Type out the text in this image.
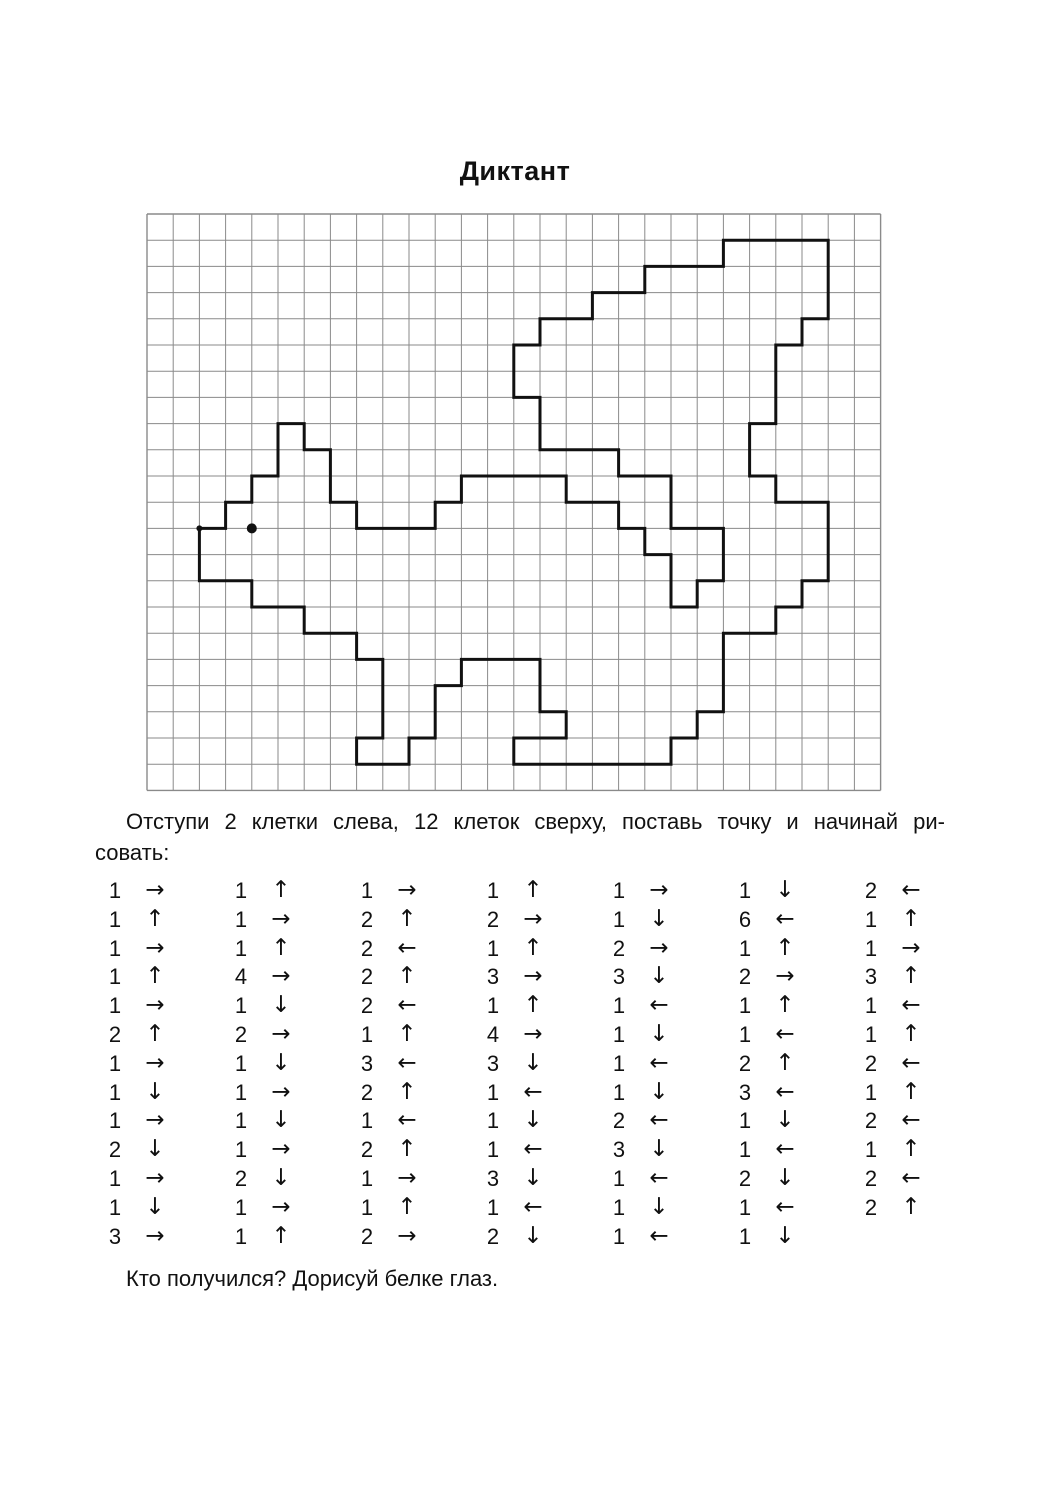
Диктант
Отступи 2 клетки слева, 12 клеток сверху, поставь точку и начинай ри-
совать:
1 →
1 ↑
1 →
1 ↑
1 →
2 ↑
1 →
1 ↓
1 →
2 ↓
1 →
1 ↓
3 →
1 ↑
1 →
1 ↑
4 →
1 ↓
2 →
1 ↓
1 →
1 ↓
1 →
2 ↓
1 →
1 ↑
1 →
2 ↑
2 ←
2 ↑
2 ←
1 ↑
3 ←
2 ↑
1 ←
2 ↑
1 →
1 ↑
2 →
1 ↑
2 →
1 ↑
3 →
1 ↑
4 →
3 ↓
1 ←
1 ↓
1 ←
3 ↓
1 ←
2 ↓
1 →
1 ↓
2 →
3 ↓
1 ←
1 ↓
1 ←
1 ↓
2 ←
3 ↓
1 ←
1 ↓
1 ←
1 ↓
6 ←
1 ↑
2 →
1 ↑
1 ←
2 ↑
3 ←
1 ↓
1 ←
2 ↓
1 ←
1 ↓
2 ←
1 ↑
1 →
3 ↑
1 ←
1 ↑
2 ←
1 ↑
2 ←
1 ↑
2 ←
2 ↑
Кто получился? Дорисуй белке глаз.
